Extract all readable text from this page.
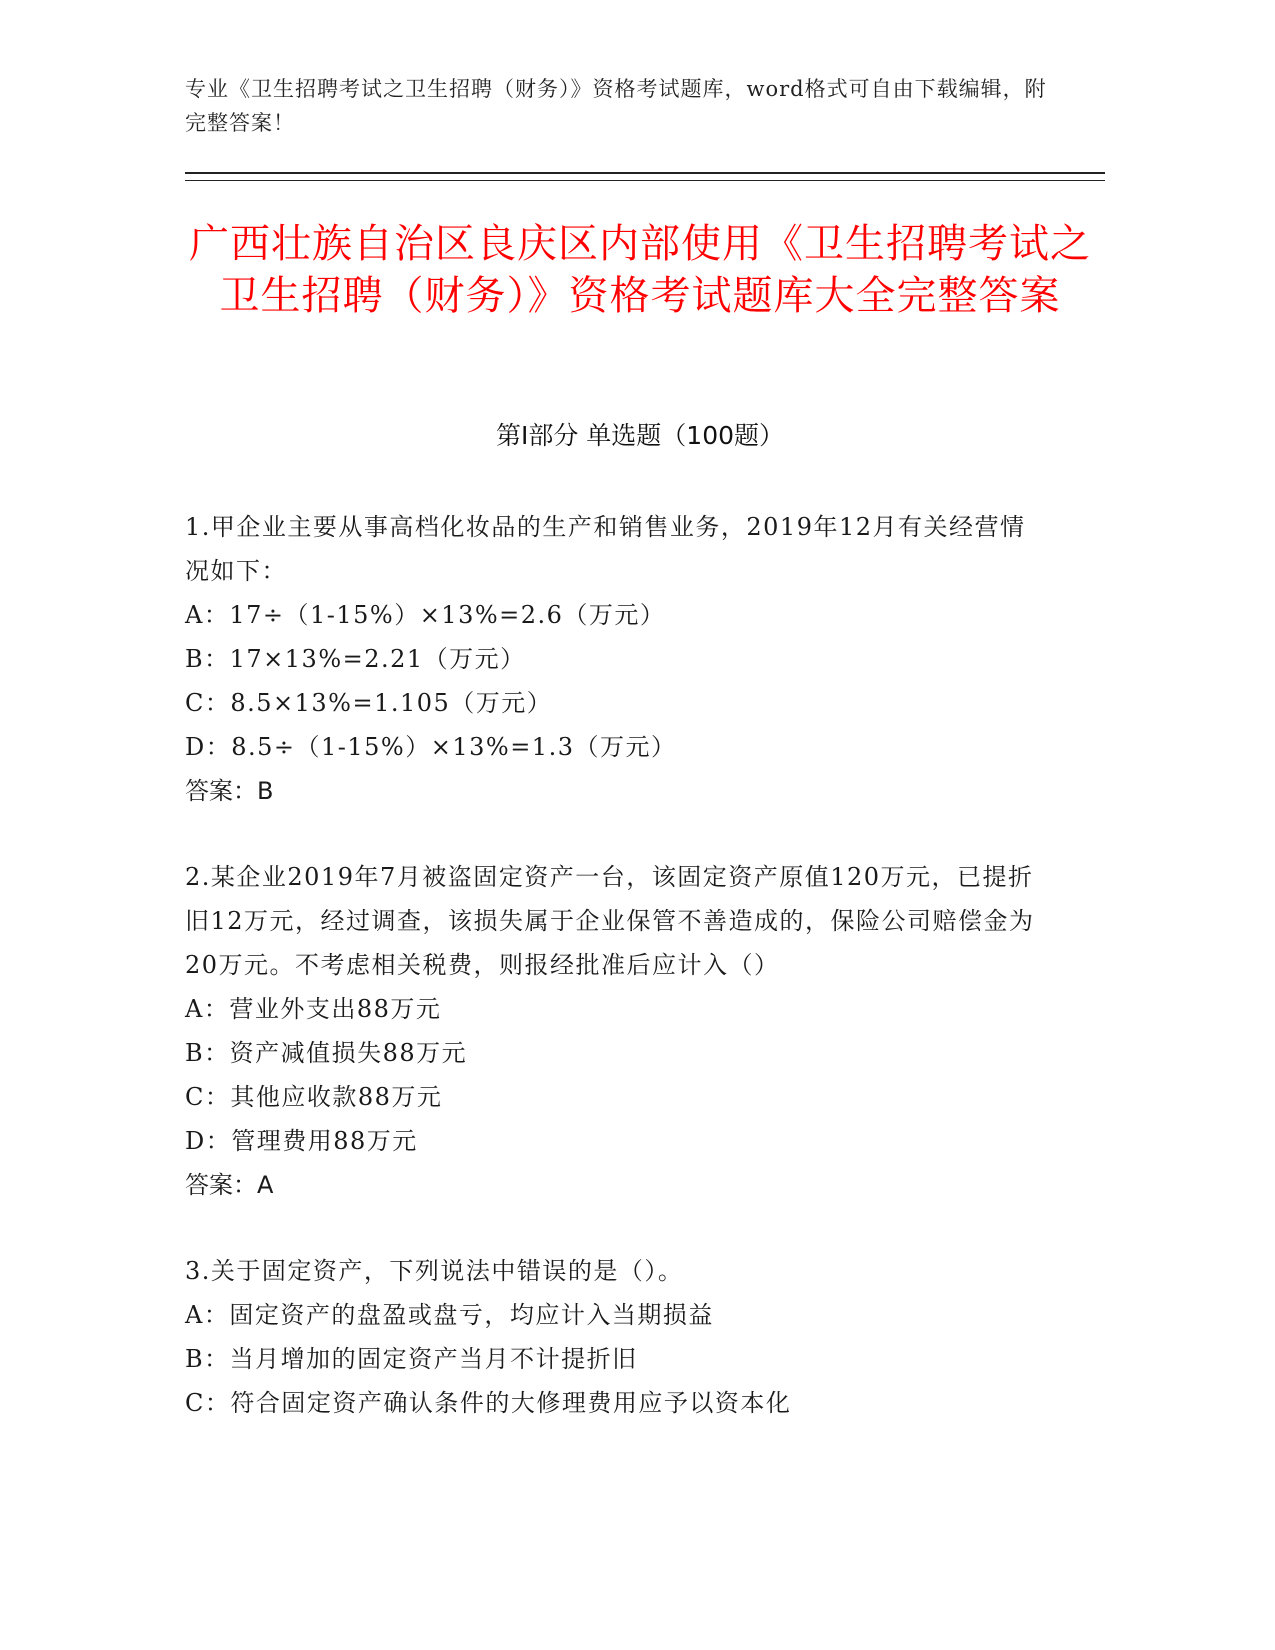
专业《卫生招聘考试之卫生招聘（财务）》资格考试题库，word格式可自由下载编辑，附完整答案！
广西壮族自治区良庆区内部使用《卫生招聘考试之卫生招聘（财务）》资格考试题库大全完整答案
第Ⅰ部分 单选题（100题）

1.甲企业主要从事高档化妆品的生产和销售业务，2019年12月有关经营情况如下：

A：17÷（1-15%）×13%=2.6（万元）

B：17×13%=2.21（万元）

C：8.5×13%=1.105（万元）

D：8.5÷（1-15%）×13%=1.3（万元）

答案：B

2.某企业2019年7月被盗固定资产一台，该固定资产原值120万元，已提折旧12万元，经过调查，该损失属于企业保管不善造成的，保险公司赔偿金为20万元。不考虑相关税费，则报经批准后应计入（）

A：营业外支出88万元

B：资产减值损失88万元

C：其他应收款88万元

D：管理费用88万元

答案：A

3.关于固定资产，下列说法中错误的是（）。

A：固定资产的盘盈或盘亏，均应计入当期损益

B：当月增加的固定资产当月不计提折旧

C：符合固定资产确认条件的大修理费用应予以资本化
